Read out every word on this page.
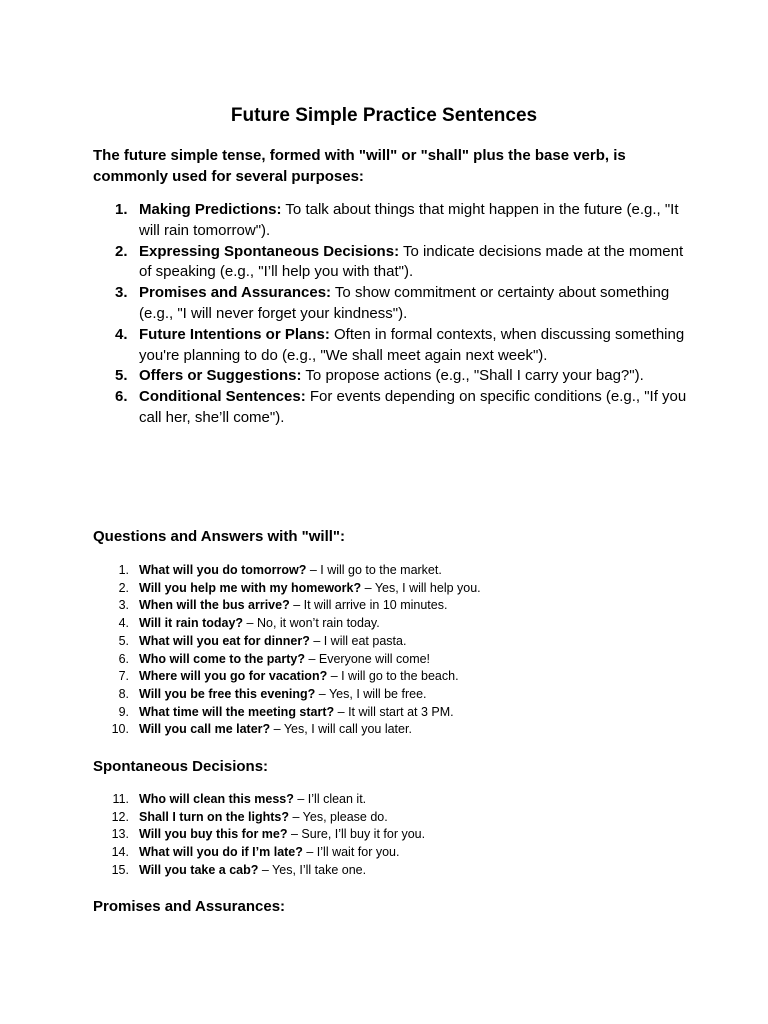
Future Simple Practice Sentences

The future simple tense, formed with "will" or "shall" plus the base verb, is commonly used for several purposes:

1. Making Predictions: To talk about things that might happen in the future (e.g., "It will rain tomorrow").
2. Expressing Spontaneous Decisions: To indicate decisions made at the moment of speaking (e.g., "I’ll help you with that").
3. Promises and Assurances: To show commitment or certainty about something (e.g., "I will never forget your kindness").
4. Future Intentions or Plans: Often in formal contexts, when discussing something you're planning to do (e.g., "We shall meet again next week").
5. Offers or Suggestions: To propose actions (e.g., "Shall I carry your bag?").
6. Conditional Sentences: For events depending on specific conditions (e.g., "If you call her, she’ll come").
Questions and Answers with "will":
1. What will you do tomorrow? – I will go to the market.
2. Will you help me with my homework? – Yes, I will help you.
3. When will the bus arrive? – It will arrive in 10 minutes.
4. Will it rain today? – No, it won’t rain today.
5. What will you eat for dinner? – I will eat pasta.
6. Who will come to the party? – Everyone will come!
7. Where will you go for vacation? – I will go to the beach.
8. Will you be free this evening? – Yes, I will be free.
9. What time will the meeting start? – It will start at 3 PM.
10. Will you call me later? – Yes, I will call you later.
Spontaneous Decisions:
11. Who will clean this mess? – I’ll clean it.
12. Shall I turn on the lights? – Yes, please do.
13. Will you buy this for me? – Sure, I’ll buy it for you.
14. What will you do if I’m late? – I’ll wait for you.
15. Will you take a cab? – Yes, I’ll take one.
Promises and Assurances:
